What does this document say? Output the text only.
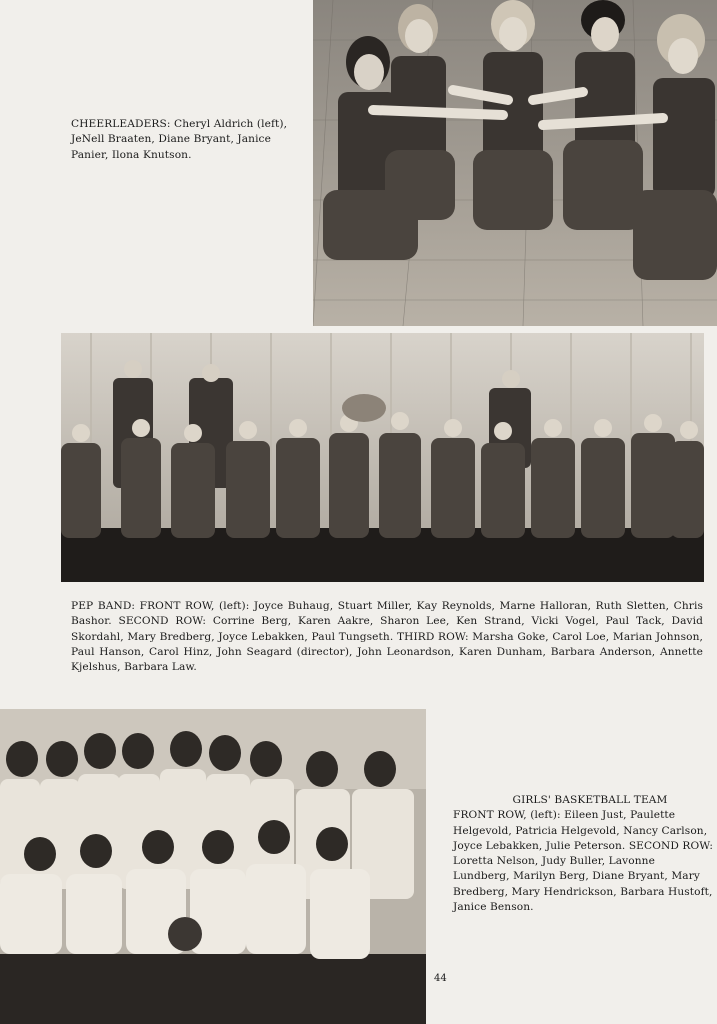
CHEERLEADERS: Cheryl Aldrich (left), JeNell Braaten, Diane Bryant, Janice Panier, Ilona Knutson.
PEP BAND: FRONT ROW, (left): Joyce Buhaug, Stuart Miller, Kay Reynolds, Marne Halloran, Ruth Sletten, Chris Bashor. SECOND ROW: Corrine Berg, Karen Aakre, Sharon Lee, Ken Strand, Vicki Vogel, Paul Tack, David Skordahl, Mary Bredberg, Joyce Lebakken, Paul Tungseth. THIRD ROW: Marsha Goke, Carol Loe, Marian Johnson, Paul Hanson, Carol Hinz, John Seagard (director), John Leonardson, Karen Dunham, Barbara Anderson, Annette Kjelshus, Barbara Law.
GIRLS' BASKETBALL TEAM
FRONT ROW, (left): Eileen Just, Paulette Helgevold, Patricia Helgevold, Nancy Carlson, Joyce Lebakken, Julie Peterson. SECOND ROW: Loretta Nelson, Judy Buller, Lavonne Lundberg, Marilyn Berg, Diane Bryant, Mary Bredberg, Mary Hendrickson, Barbara Hustoft, Janice Benson.
44
